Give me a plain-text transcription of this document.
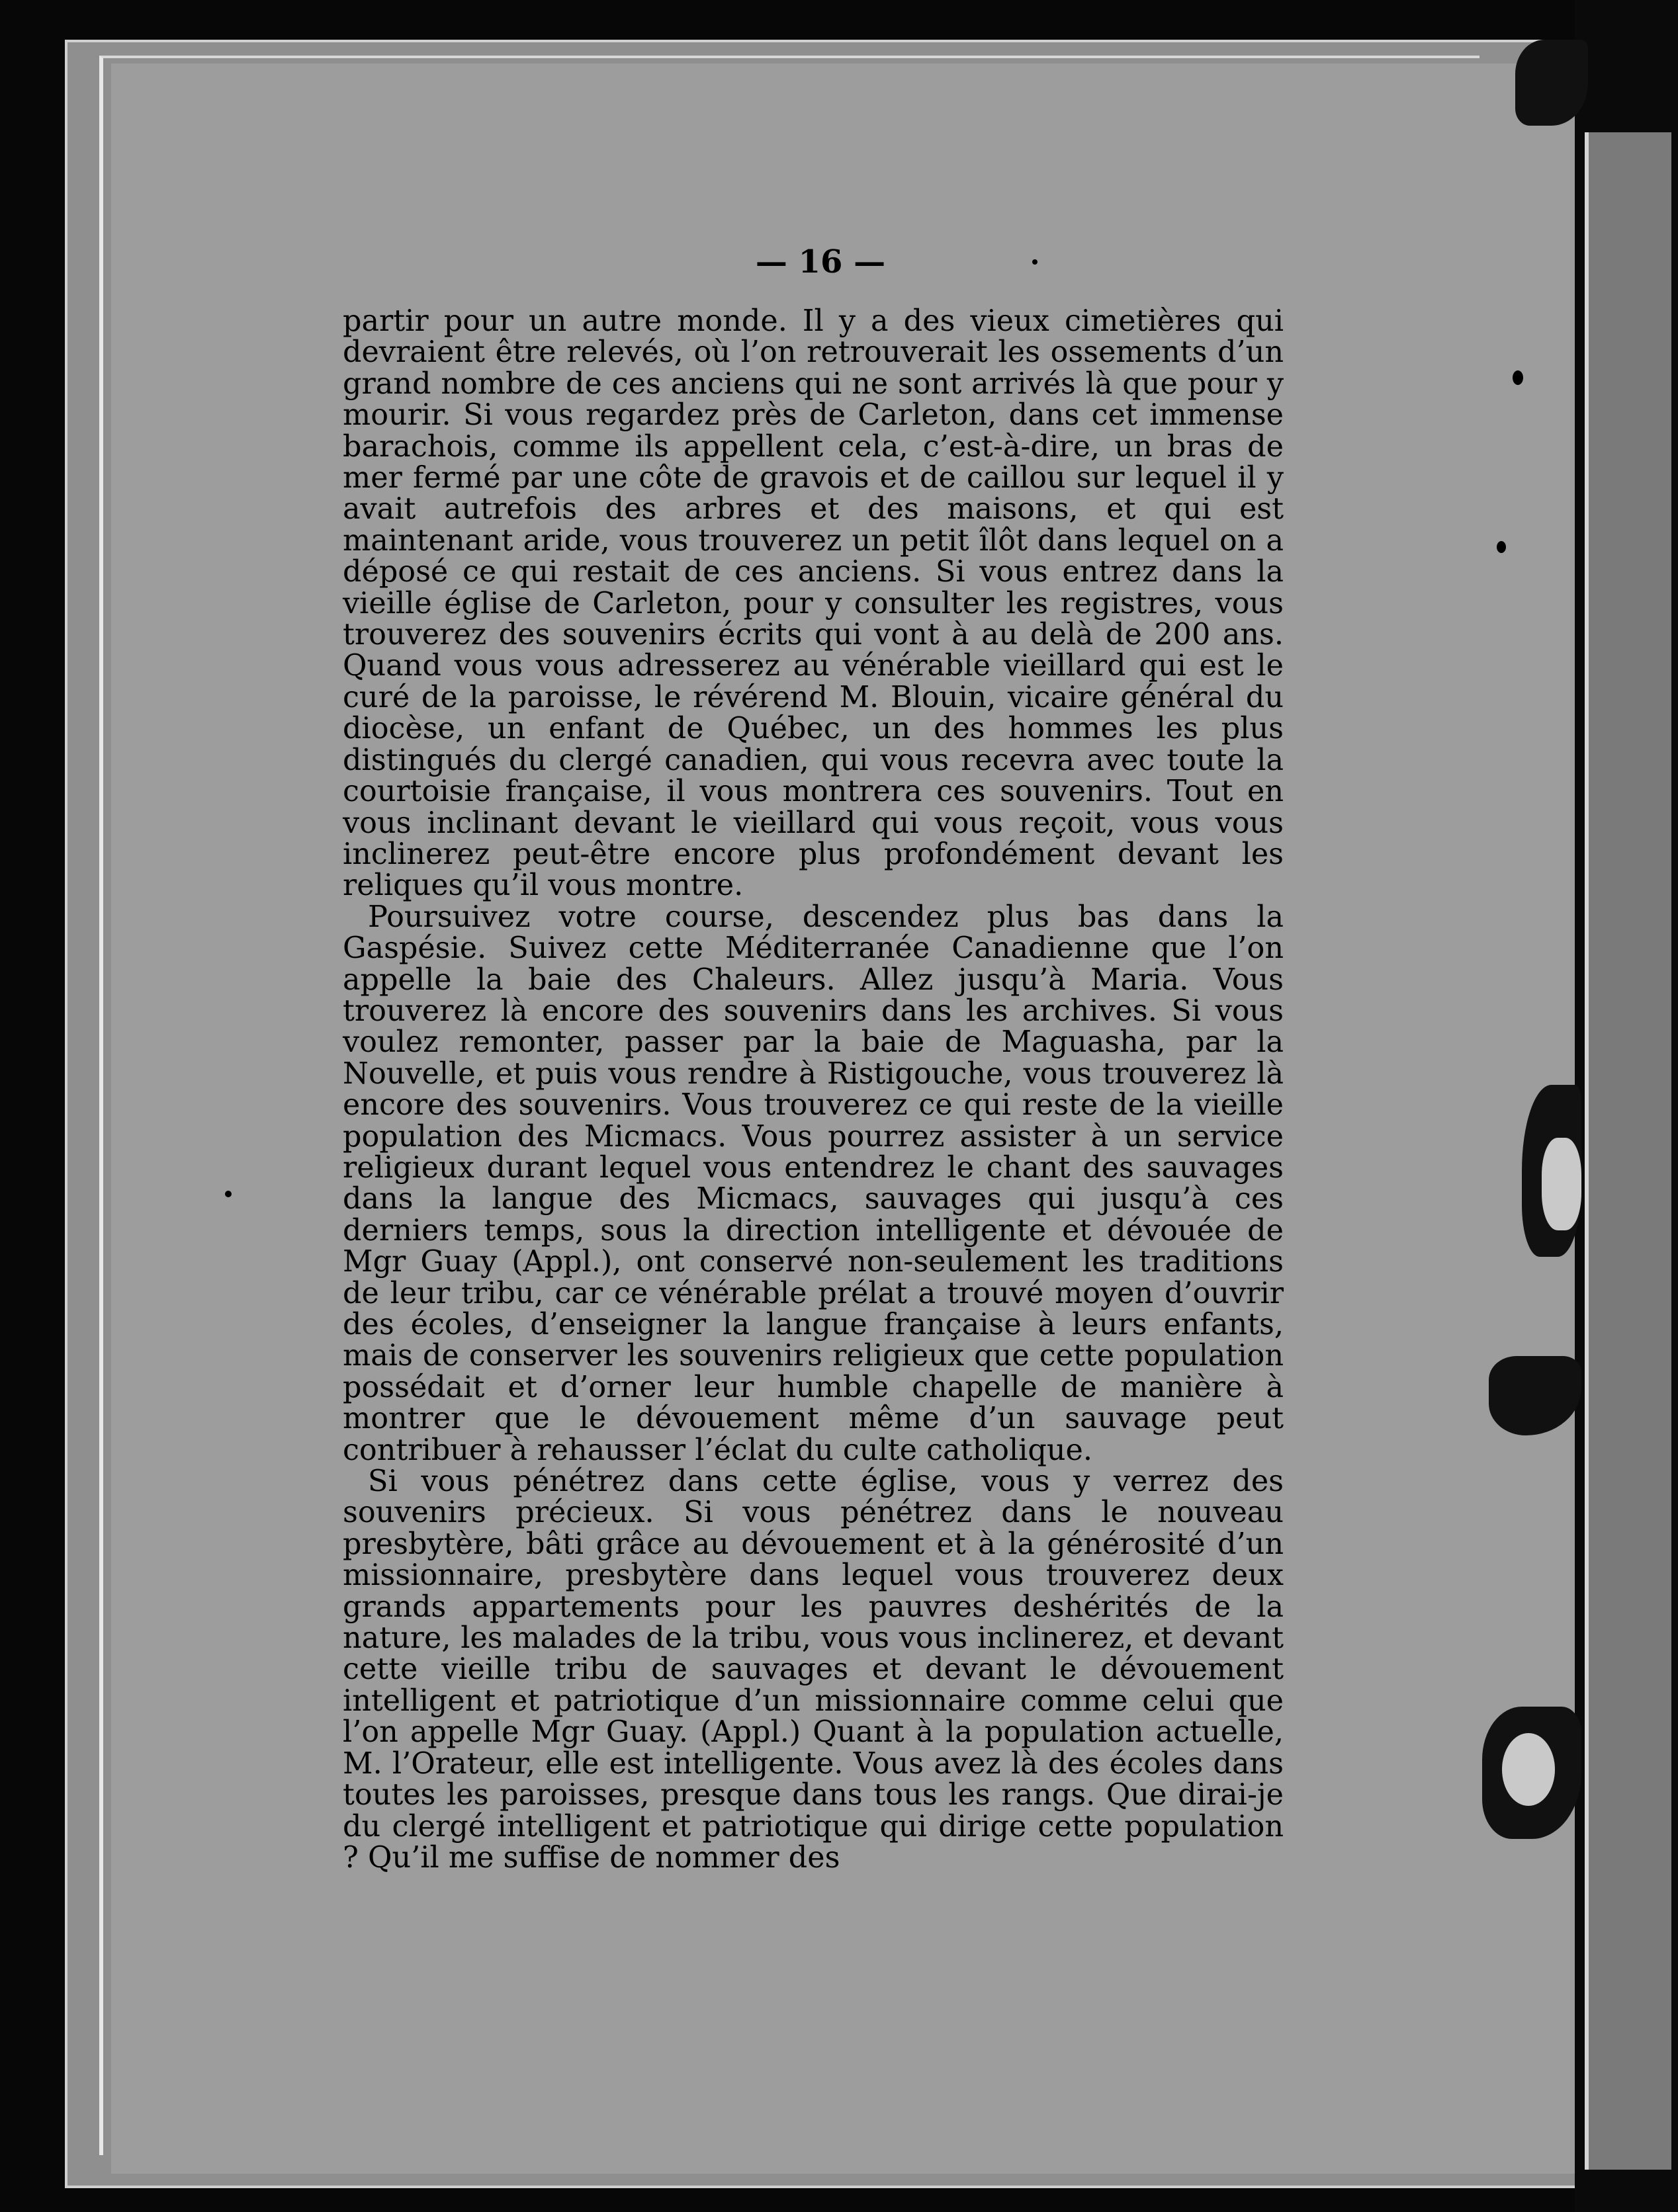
— 16 —

partir pour un autre monde. Il y a des vieux cimetières qui devraient être relevés, où l’on retrouverait les ossements d’un grand nombre de ces anciens qui ne sont arrivés là que pour y mourir. Si vous regardez près de Carleton, dans cet immense barachois, comme ils appellent cela, c’est-à-dire, un bras de mer fermé par une côte de gravois et de caillou sur lequel il y avait autrefois des arbres et des maisons, et qui est maintenant aride, vous trouverez un petit îlôt dans lequel on a déposé ce qui restait de ces anciens. Si vous entrez dans la vieille église de Carleton, pour y consulter les registres, vous trouverez des souvenirs écrits qui vont à au delà de 200 ans. Quand vous vous adresserez au vénérable vieillard qui est le curé de la paroisse, le révérend M. Blouin, vicaire général du diocèse, un enfant de Québec, un des hommes les plus distingués du clergé canadien, qui vous recevra avec toute la courtoisie française, il vous montrera ces souvenirs. Tout en vous inclinant devant le vieillard qui vous reçoit, vous vous inclinerez peut-être encore plus profondément devant les reliques qu’il vous montre.

Poursuivez votre course, descendez plus bas dans la Gaspésie. Suivez cette Méditerranée Canadienne que l’on appelle la baie des Chaleurs. Allez jusqu’à Maria. Vous trouverez là encore des souvenirs dans les archives. Si vous voulez remonter, passer par la baie de Maguasha, par la Nouvelle, et puis vous rendre à Ristigouche, vous trouverez là encore des souvenirs. Vous trouverez ce qui reste de la vieille population des Micmacs. Vous pourrez assister à un service religieux durant lequel vous entendrez le chant des sauvages dans la langue des Micmacs, sauvages qui jusqu’à ces derniers temps, sous la direction intelligente et dévouée de Mgr Guay (Appl.), ont conservé non-seulement les traditions de leur tribu, car ce vénérable prélat a trouvé moyen d’ouvrir des écoles, d’enseigner la langue française à leurs enfants, mais de conserver les souvenirs religieux que cette population possédait et d’orner leur humble chapelle de manière à montrer que le dévouement même d’un sauvage peut contribuer à rehausser l’éclat du culte catholique.

Si vous pénétrez dans cette église, vous y verrez des souvenirs précieux. Si vous pénétrez dans le nouveau presbytère, bâti grâce au dévouement et à la générosité d’un missionnaire, presbytère dans lequel vous trouverez deux grands appartements pour les pauvres deshérités de la nature, les malades de la tribu, vous vous inclinerez, et devant cette vieille tribu de sauvages et devant le dévouement intelligent et patriotique d’un missionnaire comme celui que l’on appelle Mgr Guay. (Appl.) Quant à la population actuelle, M. l’Orateur, elle est intelligente. Vous avez là des écoles dans toutes les paroisses, presque dans tous les rangs. Que dirai-je du clergé intelligent et patriotique qui dirige cette population ? Qu’il me suffise de nommer des
